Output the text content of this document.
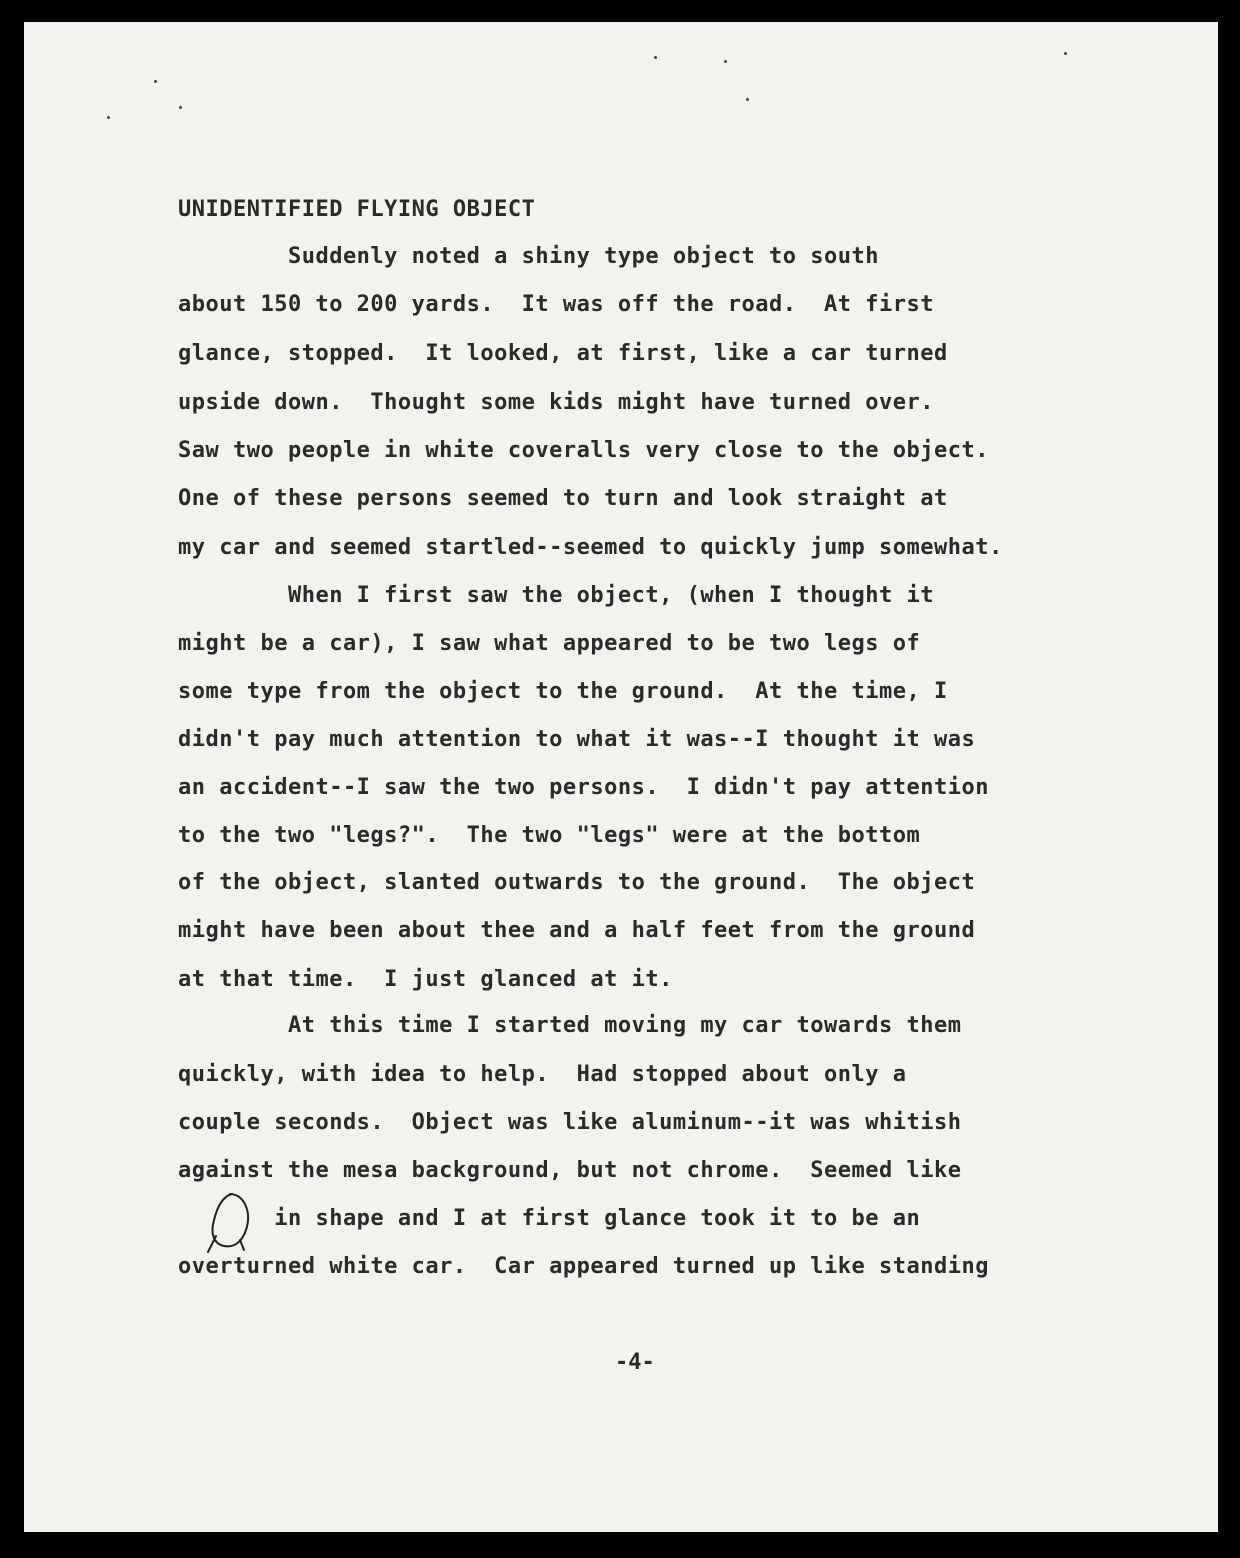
UNIDENTIFIED FLYING OBJECT

Suddenly noted a shiny type object to south

about 150 to 200 yards.  It was off the road.  At first

glance, stopped.  It looked, at first, like a car turned

upside down.  Thought some kids might have turned over.

Saw two people in white coveralls very close to the object.

One of these persons seemed to turn and look straight at

my car and seemed startled--seemed to quickly jump somewhat.

When I first saw the object, (when I thought it

might be a car), I saw what appeared to be two legs of

some type from the object to the ground.  At the time, I

didn't pay much attention to what it was--I thought it was

an accident--I saw the two persons.  I didn't pay attention

to the two "legs?".  The two "legs" were at the bottom

of the object, slanted outwards to the ground.  The object

might have been about thee and a half feet from the ground

at that time.  I just glanced at it.

At this time I started moving my car towards them

quickly, with idea to help.  Had stopped about only a

couple seconds.  Object was like aluminum--it was whitish

against the mesa background, but not chrome.  Seemed like

in shape and I at first glance took it to be an

overturned white car.  Car appeared turned up like standing

-4-
